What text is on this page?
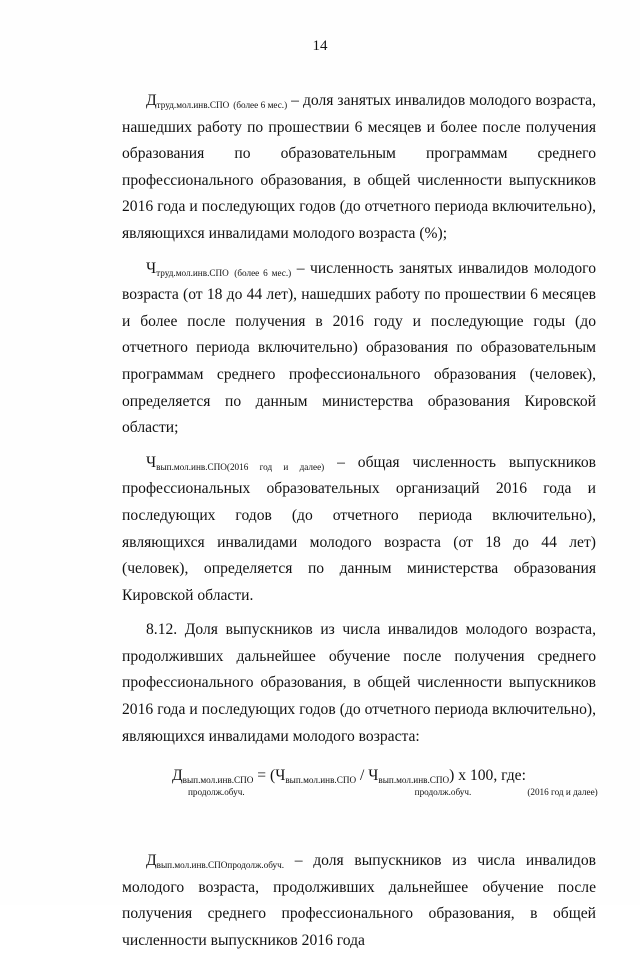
14

Дтруд.мол.инв.СПО (более 6 мес.) – доля занятых инвалидов молодого возраста, нашедших работу по прошествии 6 месяцев и более после получения образования по образовательным программам среднего профессионального образования, в общей численности выпускников 2016 года и последующих годов (до отчетного периода включительно), являющихся инвалидами молодого возраста (%);

Чтруд.мол.инв.СПО (более 6 мес.) – численность занятых инвалидов молодого возраста (от 18 до 44 лет), нашедших работу по прошествии 6 месяцев и более после получения в 2016 году и последующие годы (до отчетного периода включительно) образования по образовательным программам среднего профессионального образования (человек), определяется по данным министерства образования Кировской области;

Чвып.мол.инв.СПО(2016 год и далее) – общая численность выпускников профессиональных образовательных организаций 2016 года и последующих годов (до отчетного периода включительно), являющихся инвалидами молодого возраста (от 18 до 44 лет) (человек), определяется по данным министерства образования Кировской области.

8.12. Доля выпускников из числа инвалидов молодого возраста, продолживших дальнейшее обучение после получения среднего профессионального образования, в общей численности выпускников 2016 года и последующих годов (до отчетного периода включительно), являющихся инвалидами молодого возраста:

Двып.мол.инв.СПО = (Чвып.мол.инв.СПО / Чвып.мол.инв.СПО) x 100, где:
продолж.обуч.	продолж.обуч.	(2016 год и далее)

Двып.мол.инв.СПОпродолж.обуч. – доля выпускников из числа инвалидов молодого возраста, продолживших дальнейшее обучение после получения среднего профессионального образования, в общей численности выпускников 2016 года
